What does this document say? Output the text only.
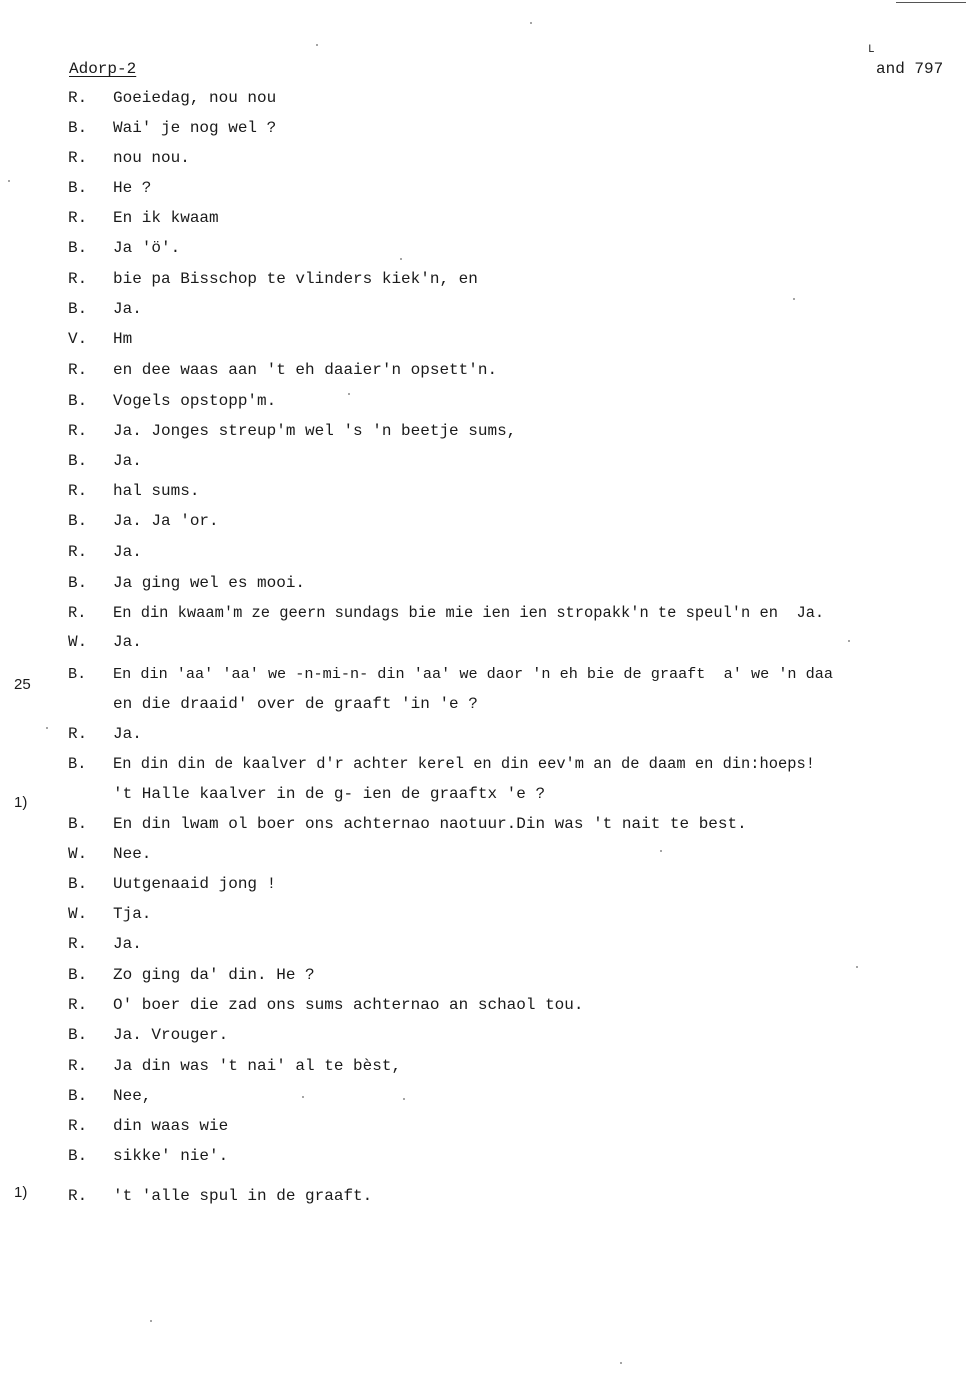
Adorp-2
L
and 797
R. Goeiedag, nou nou
B. Wai' je nog wel ?
R. nou nou.
B. He ?
R. En ik kwaam
B. Ja 'ö'.
R. bie pa Bisschop te vlinders kiek'n, en
B. Ja.
V. Hm
R. en dee waas aan 't eh daaier'n opsett'n.
B. Vogels opstopp'm.
R. Ja. Jonges streup'm wel 's 'n beetje sums,
B. Ja.
R. hal sums.
B. Ja. Ja 'or.
R. Ja.
B. Ja ging wel es mooi.
R. En din kwaam'm ze geern sundags bie mie ien ien stropakk'n te speul'n en  Ja.
W. Ja.
B. En din 'aa' 'aa' we -n-mi-n- din 'aa' we daor 'n eh bie de graaft  a' we 'n daa
en die draaid' over de graaft 'in 'e ?
R. Ja.
B. En din din de kaalver d'r achter kerel en din eev'm an de daam en din:hoeps!
't Halle kaalver in de g- ien de graaftx 'e ?
B. En din lwam ol boer ons achternao naotuur.Din was 't nait te best.
W. Nee.
B. Uutgenaaid jong !
W. Tja.
R. Ja.
B. Zo ging da' din. He ?
R. O' boer die zad ons sums achternao an schaol tou.
B. Ja. Vrouger.
R. Ja din was 't nai' al te bèst,
B. Nee,
R. din waas wie
B. sikke' nie'.
R. 't 'alle spul in de graaft.
25
1)
1)
